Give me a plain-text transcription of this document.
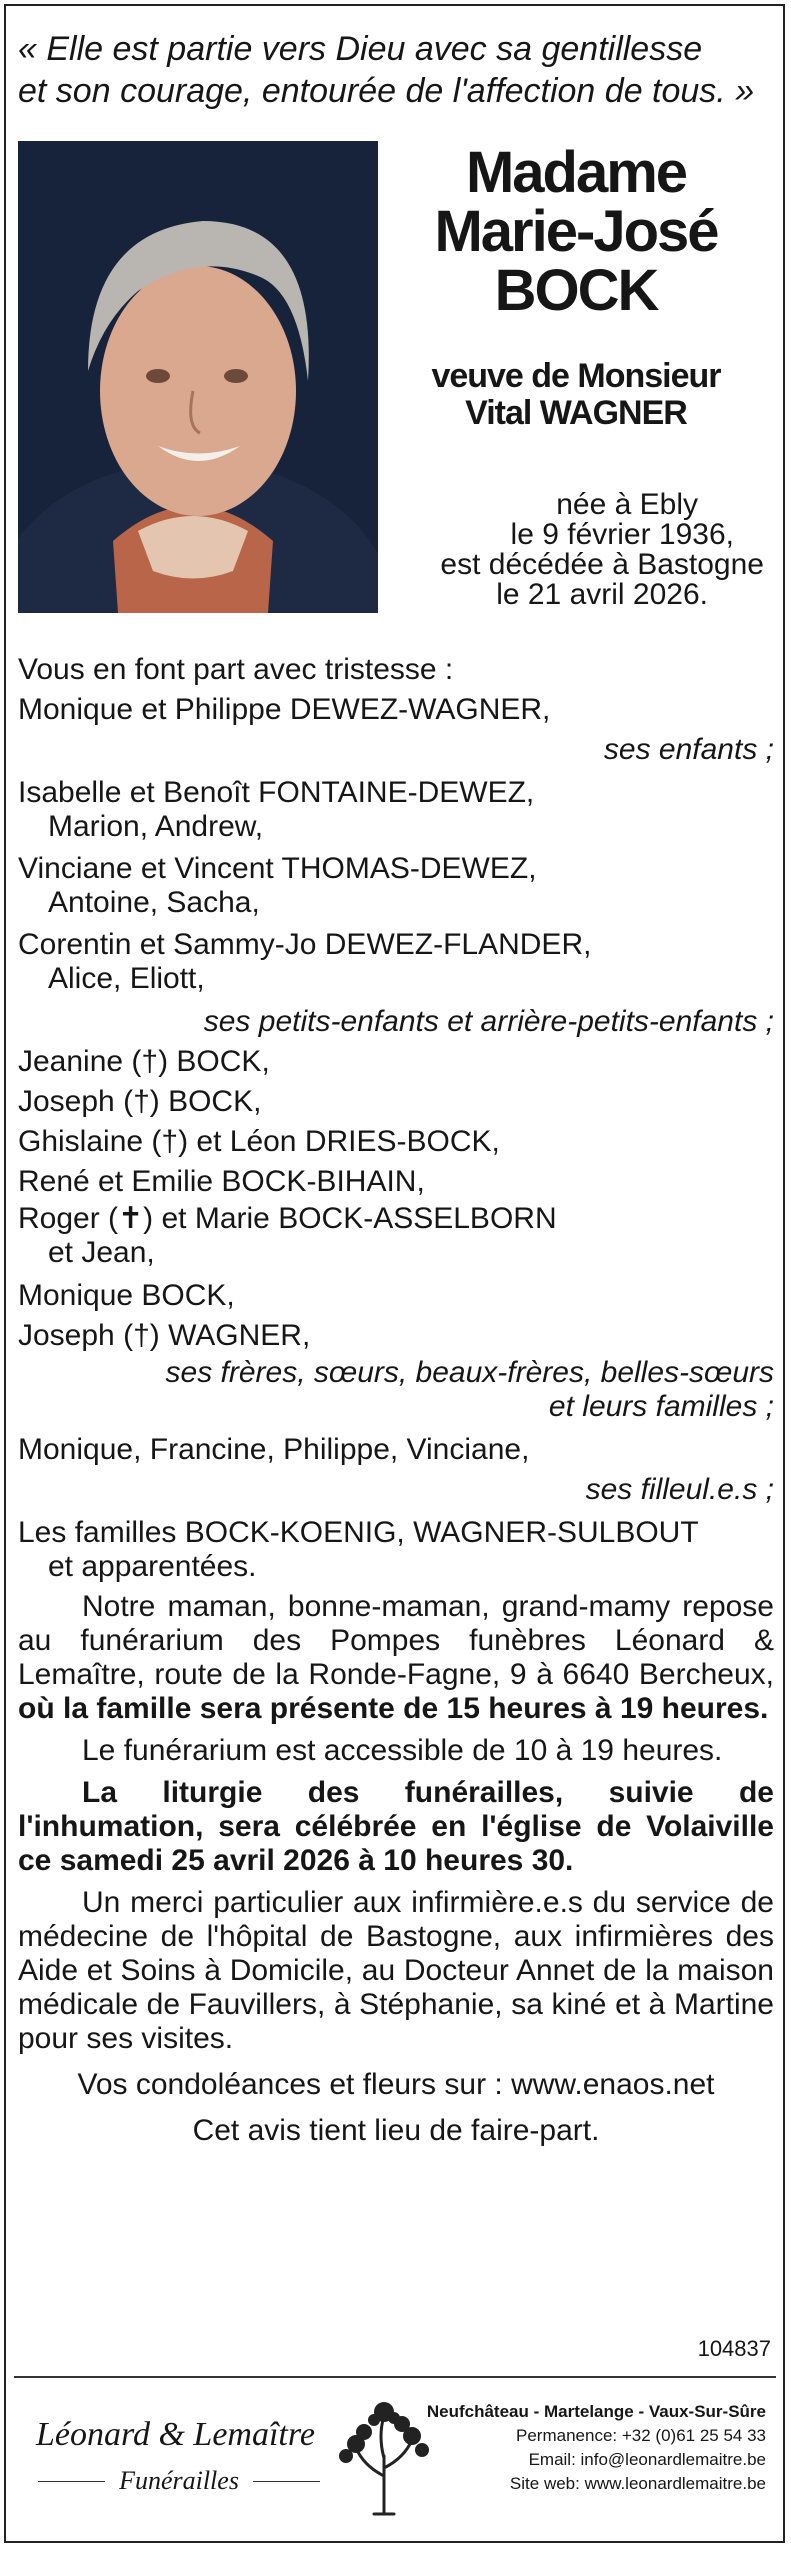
« Elle est partie vers Dieu avec sa gentillesse
et son courage, entourée de l'affection de tous. »
Madame
Marie-José
BOCK
veuve de Monsieur
Vital WAGNER
née à Ebly
le 9 février 1936,
est décédée à Bastogne
le 21 avril 2026.
Vous en font part avec tristesse :
Monique et Philippe DEWEZ-WAGNER,
ses enfants ;
Isabelle et Benoît FONTAINE-DEWEZ,
Marion, Andrew,
Vinciane et Vincent THOMAS-DEWEZ,
Antoine, Sacha,
Corentin et Sammy-Jo DEWEZ-FLANDER,
Alice, Eliott,
ses petits-enfants et arrière-petits-enfants ;
Jeanine (†) BOCK,
Joseph (†) BOCK,
Ghislaine (†) et Léon DRIES-BOCK,
René et Emilie BOCK-BIHAIN,
Roger (✝) et Marie BOCK-ASSELBORN
et Jean,
Monique BOCK,
Joseph (†) WAGNER,
ses frères, sœurs, beaux-frères, belles-sœurs
et leurs familles ;
Monique, Francine, Philippe, Vinciane,
ses filleul.e.s ;
Les familles BOCK-KOENIG, WAGNER-SULBOUT
et apparentées.
Notre maman, bonne-maman, grand-mamy repose au funérarium des Pompes funèbres Léonard & Lemaître, route de la Ronde-Fagne, 9 à 6640 Bercheux, où la famille sera présente de 15 heures à 19 heures.
Le funérarium est accessible de 10 à 19 heures.
La liturgie des funérailles, suivie de l'inhumation, sera célébrée en l'église de Volaiville ce samedi 25 avril 2026 à 10 heures 30.
Un merci particulier aux infirmière.e.s du service de médecine de l'hôpital de Bastogne, aux infirmières des Aide et Soins à Domicile, au Docteur Annet de la maison médicale de Fauvillers, à Stéphanie, sa kiné et à Martine pour ses visites.
Vos condoléances et fleurs sur : www.enaos.net
Cet avis tient lieu de faire-part.
104837
Léonard & Lemaître
Funérailles
Neufchâteau - Martelange - Vaux-Sur-Sûre
Permanence: +32 (0)61 25 54 33
Email: info@leonardlemaitre.be
Site web: www.leonardlemaitre.be
